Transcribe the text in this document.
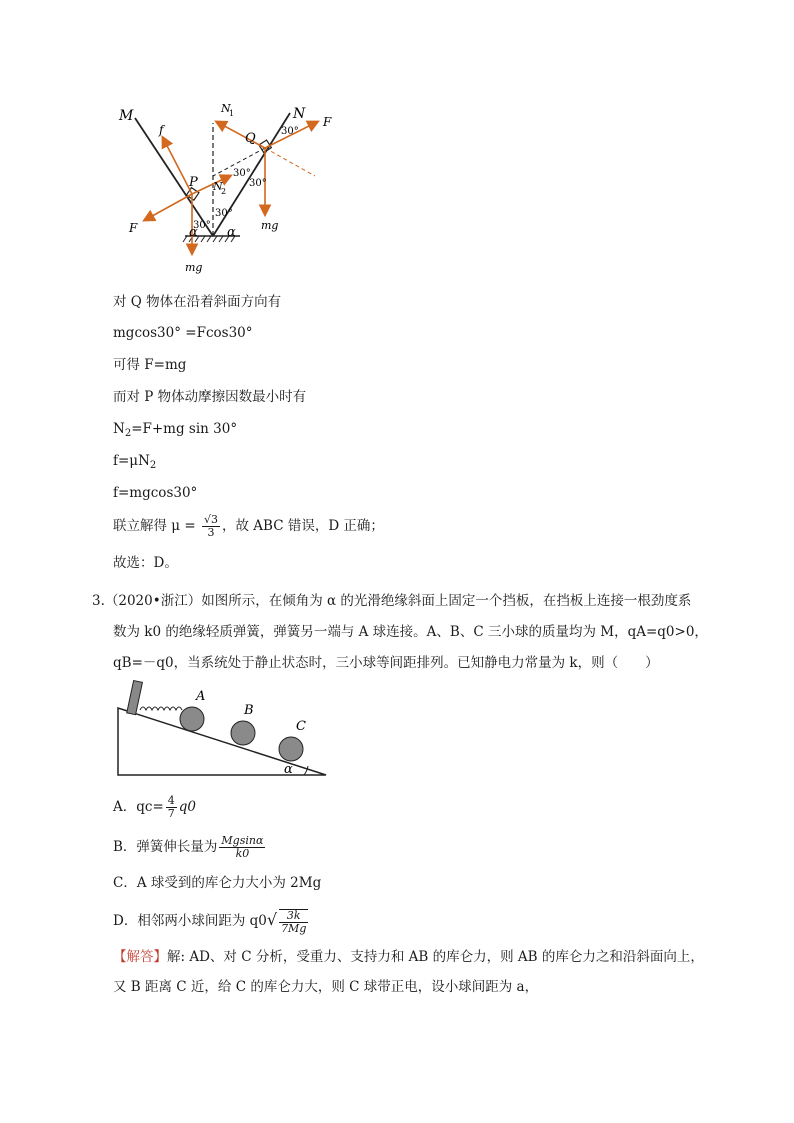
M	N
f
F
F
P
Q
N
1
N
2
mg
mg
30°
30°
30°
30°
30°
α α
对 Q 物体在沿着斜面方向有
mgcos30° =Fcos30°
可得 F=mg
而对 P 物体动摩擦因数最小时有
$N_2=F+mg$ sin 30°
$f=\mu N_2$
f=mgcos30°
联立解得 $\mu = \frac{√3}{3}$ ，故 ABC 错误，D 正确；
故选：D。
3.（2020•浙江）如图所示，在倾角为 α 的光滑绝缘斜面上固定一个挡板，在挡板上连接一根劲度系
数为 k0 的绝缘轻质弹簧，弹簧另一端与 A 球连接。A、B、C 三小球的质量均为 M，qA=q0>0，
qB=－q0，当系统处于静止状态时，三小球等间距排列。已知静电力常量为 k，则（　　）
A
B
C
α
A．$qc= \frac{4}{7} q0$
B．弹簧伸长量为 $\frac{Mgsin\alpha}{k0}$
C．A 球受到的库仑力大小为 2Mg
D．相邻两小球间距为 $q0√ \frac{3k}{7Mg}$
【解答】解: AD、对 C 分析，受重力、支持力和 AB 的库仑力，则 AB 的库仑力之和沿斜面向上，
又 B 距离 C 近，给 C 的库仑力大，则 C 球带正电，设小球间距为 a，
